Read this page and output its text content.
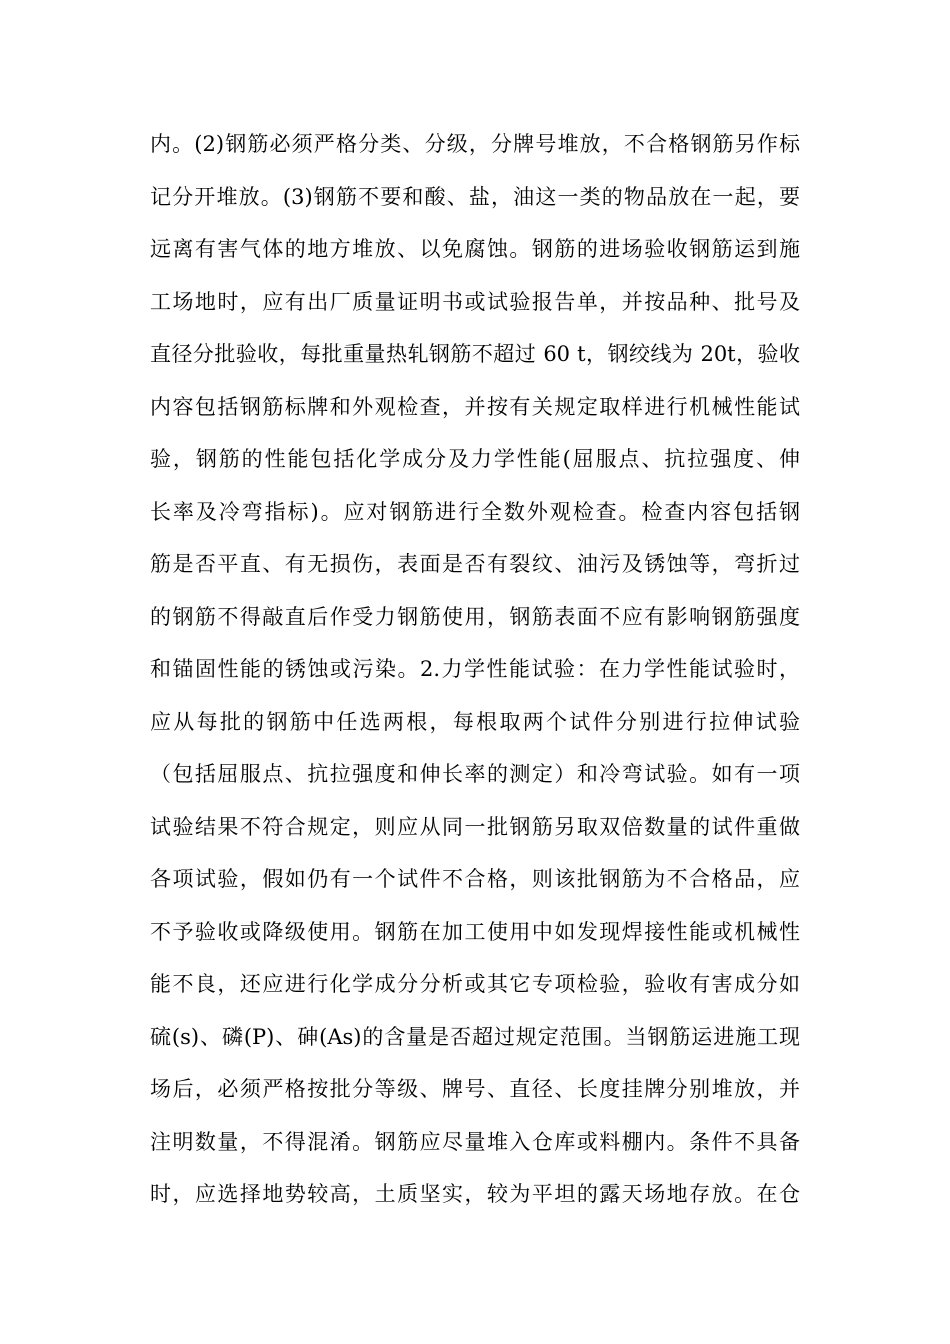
内。(2)钢筋必须严格分类、分级，分牌号堆放，不合格钢筋另作标
记分开堆放。(3)钢筋不要和酸、盐，油这一类的物品放在一起，要
远离有害气体的地方堆放、以免腐蚀。钢筋的进场验收钢筋运到施
工场地时，应有出厂质量证明书或试验报告单，并按品种、批号及
直径分批验收，每批重量热轧钢筋不超过 60 t，钢绞线为 20t，验收
内容包括钢筋标牌和外观检查，并按有关规定取样进行机械性能试
验，钢筋的性能包括化学成分及力学性能(屈服点、抗拉强度、伸
长率及冷弯指标)。应对钢筋进行全数外观检查。检查内容包括钢
筋是否平直、有无损伤，表面是否有裂纹、油污及锈蚀等，弯折过
的钢筋不得敲直后作受力钢筋使用，钢筋表面不应有影响钢筋强度
和锚固性能的锈蚀或污染。2.力学性能试验：在力学性能试验时，
应从每批的钢筋中任选两根，每根取两个试件分别进行拉伸试验
（包括屈服点、抗拉强度和伸长率的测定）和冷弯试验。如有一项
试验结果不符合规定，则应从同一批钢筋另取双倍数量的试件重做
各项试验，假如仍有一个试件不合格，则该批钢筋为不合格品，应
不予验收或降级使用。钢筋在加工使用中如发现焊接性能或机械性
能不良，还应进行化学成分分析或其它专项检验，验收有害成分如
硫(s)、磷(P)、砷(As)的含量是否超过规定范围。当钢筋运进施工现
场后，必须严格按批分等级、牌号、直径、长度挂牌分别堆放，并
注明数量，不得混淆。钢筋应尽量堆入仓库或料棚内。条件不具备
时，应选择地势较高，土质坚实，较为平坦的露天场地存放。在仓
